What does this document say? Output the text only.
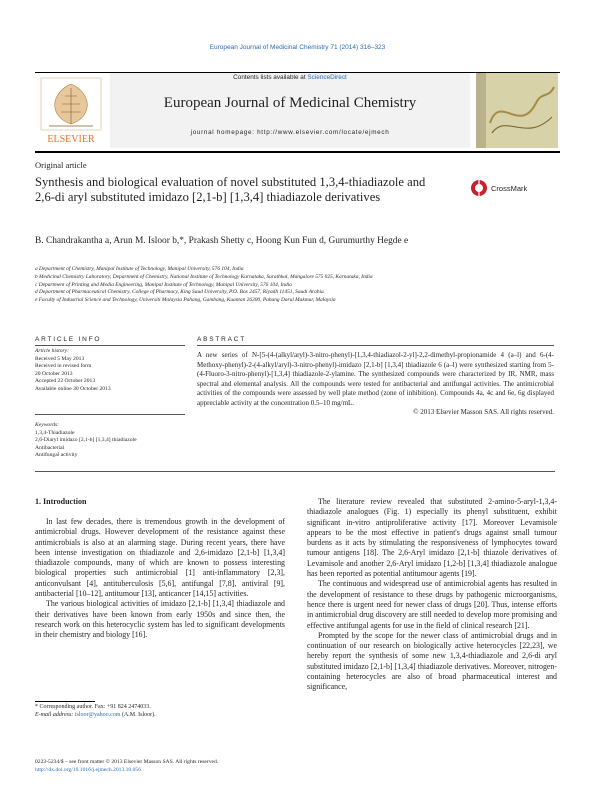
European Journal of Medicinal Chemistry 71 (2014) 316–323
ELSEVIER
Contents lists available at ScienceDirect
European Journal of Medicinal Chemistry
journal homepage: http://www.elsevier.com/locate/ejmech
Original article
Synthesis and biological evaluation of novel substituted 1,3,4-thiadiazole and 2,6-di aryl substituted imidazo [2,1-b] [1,3,4] thiadiazole derivatives
CrossMark
B. Chandrakantha a, Arun M. Isloor b,*, Prakash Shetty c, Hoong Kun Fun d, Gurumurthy Hegde e
a Department of Chemistry, Manipal Institute of Technology, Manipal University, 576 104, India
b Medicinal Chemistry Laboratory, Department of Chemistry, National Institute of Technology Karnataka, Surathkal, Mangalore 575 025, Karnataka, India
c Department of Printing and Media Engineering, Manipal Institute of Technology, Manipal University, 576 104, India
d Department of Pharmaceutical Chemistry, College of Pharmacy, King Saud University, P.O. Box 2457, Riyadh 11451, Saudi Arabia
e Faculty of Industrial Science and Technology, Universiti Malaysia Pahang, Gambang, Kuantan 26300, Pahang Darul Makmur, Malaysia
ARTICLE INFO
Article history:
Received 5 May 2013
Received in revised form
20 October 2013
Accepted 22 October 2013
Available online 30 October 2013
Keywords:
1,3,4-Thiadiazole
2,6-Diaryl imidazo [2,1-b] [1,3,4] thiadiazole
Antibacterial
Antifungal activity
ABSTRACT
A new series of N-[5-(4-(alkyl/aryl)-3-nitro-phenyl)-[1,3,4-thiadiazol-2-yl]-2,2-dimethyl-propionamide 4 (a–l) and 6-(4-Methoxy-phenyl)-2-(4-alkyl/aryl)-3-nitro-phenyl)-imidazo [2,1-b] [1,3,4] thiadiazole 6 (a–l) were synthesized starting from 5-(4-Fluoro-3-nitro-phenyl)-[1,3,4] thiadiazole-2-ylamine. The synthesized compounds were characterized by IR, NMR, mass spectral and elemental analysis. All the compounds were tested for antibacterial and antifungal activities. The antimicrobial activities of the compounds were assessed by well plate method (zone of inhibition). Compounds 4a, 4c and 6e, 6g displayed appreciable activity at the concentration 0.5–10 mg/mL.
© 2013 Elsevier Masson SAS. All rights reserved.
1. Introduction

In last few decades, there is tremendous growth in the development of antimicrobial drugs. However development of the resistance against these antimicrobials is also at an alarming stage. During recent years, there have been intense investigation on thiadiazole and 2,6-imidazo [2,1-b] [1,3,4] thiadiazole compounds, many of which are known to possess interesting biological properties such antimicrobial [1] anti-inflammatory [2,3], anticonvulsant [4], antituberculosis [5,6], antifungal [7,8], antiviral [9], antibacterial [10–12], antitumour [13], anticancer [14,15] activities.

The various biological activities of imidazo [2,1-b] [1,3,4] thiadiazole and their derivatives have been known from early 1950s and since then, the research work on this heterocyclic system has led to significant developments in their chemistry and biology [16].

The literature review revealed that substituted 2-amino-5-aryl-1,3,4-thiadiazole analogues (Fig. 1) especially its phenyl substituent, exhibit significant in-vitro antiproliferative activity [17]. Moreover Levamisole appears to be the most effective in patient's drugs against small tumour burdens as it acts by stimulating the responsiveness of lymphocytes toward tumour antigens [18]. The 2,6-Aryl imidazo [2,1-b] thiazole derivatives of Levamisole and another 2,6-Aryl imidazo [1,2-b] [1,3,4] thiadiazole analogue has been reported as potential antitumour agents [19].

The continuous and widespread use of antimicrobial agents has resulted in the development of resistance to these drugs by pathogenic microorganisms, hence there is urgent need for newer class of drugs [20]. Thus, intense efforts in antimicrobial drug discovery are still needed to develop more promising and effective antifungal agents for use in the field of clinical research [21].

Prompted by the scope for the newer class of antimicrobial drugs and in continuation of our research on biologically active heterocycles [22,23], we hereby report the synthesis of some new 1,3,4-thiadiazole and 2,6-di aryl substituted imidazo [2,1-b] [1,3,4] thiadiazole derivatives. Moreover, nitrogen-containing heterocycles are also of broad pharmaceutical interest and significance,

* Corresponding author. Fax: +91 824 2474033.
E-mail address: isloor@yahoo.com (A.M. Isloor).
0223-5234/$ – see front matter © 2013 Elsevier Masson SAS. All rights reserved.
http://dx.doi.org/10.1016/j.ejmech.2013.10.056
